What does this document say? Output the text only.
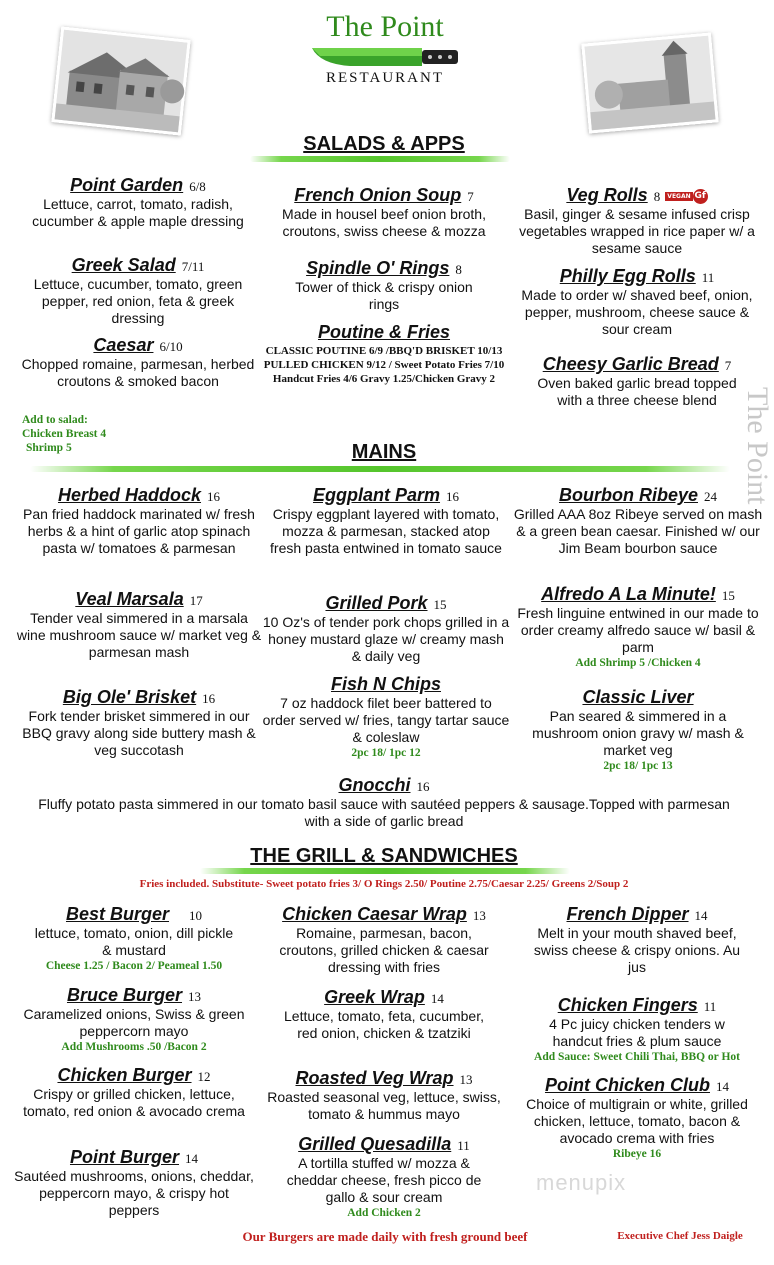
The Point
RESTAURANT
The Point
SALADS & APPS
Point Garden 6/8
Lettuce, carrot, tomato, radish, cucumber & apple maple dressing
Greek Salad 7/11
Lettuce, cucumber, tomato, green pepper, red onion, feta & greek dressing
Caesar 6/10
Chopped romaine, parmesan, herbed croutons & smoked bacon
Add to salad:
Chicken Breast 4
Shrimp 5
French Onion Soup 7
Made in housel beef onion broth, croutons, swiss cheese & mozza
Spindle O' Rings 8
Tower of thick & crispy onion rings
Poutine & Fries
CLASSIC POUTINE 6/9 /BBQ'D BRISKET 10/13 PULLED CHICKEN 9/12 / Sweet Potato Fries 7/10 Handcut Fries 4/6 Gravy 1.25/Chicken Gravy 2
Veg Rolls 8 VEGAN Gf
Basil, ginger & sesame infused crisp vegetables wrapped in rice paper w/ a sesame sauce
Philly Egg Rolls 11
Made to order w/ shaved beef, onion, pepper, mushroom, cheese sauce & sour cream
Cheesy Garlic Bread 7
Oven baked garlic bread topped with a three cheese blend
MAINS
Herbed Haddock 16
Pan fried haddock marinated w/ fresh herbs & a hint of garlic atop spinach pasta w/ tomatoes & parmesan
Veal Marsala 17
Tender veal simmered in a marsala wine mushroom sauce w/ market veg & parmesan mash
Big Ole' Brisket 16
Fork tender brisket simmered in our BBQ gravy along side buttery mash & veg succotash
Eggplant Parm 16
Crispy eggplant layered with tomato, mozza & parmesan, stacked atop fresh pasta entwined in tomato sauce
Grilled Pork 15
10 Oz's of tender pork chops grilled in a honey mustard glaze w/ creamy mash & daily veg
Fish N Chips
7 oz haddock filet beer battered to order served w/ fries, tangy tartar sauce & coleslaw
2pc 18/ 1pc 12
Bourbon Ribeye 24
Grilled AAA 8oz Ribeye served on mash & a green bean caesar. Finished w/ our Jim Beam bourbon sauce
Alfredo A La Minute! 15
Fresh linguine entwined in our made to order creamy alfredo sauce w/ basil & parm
Add Shrimp 5 /Chicken 4
Classic Liver
Pan seared & simmered in a mushroom onion gravy w/ mash & market veg
2pc 18/ 1pc 13
Gnocchi 16
Fluffy potato pasta simmered in our tomato basil sauce with sautéed peppers & sausage.Topped with parmesan with a side of garlic bread
THE GRILL & SANDWICHES
Fries included. Substitute- Sweet potato fries 3/ O Rings 2.50/ Poutine 2.75/Caesar 2.25/ Greens 2/Soup 2
Best Burger 10
lettuce, tomato, onion, dill pickle & mustard
Cheese 1.25 / Bacon 2/ Peameal 1.50
Bruce Burger 13
Caramelized onions, Swiss & green peppercorn mayo
Add Mushrooms .50 /Bacon 2
Chicken Burger 12
Crispy or grilled chicken, lettuce, tomato, red onion & avocado crema
Point Burger 14
Sautéed mushrooms, onions, cheddar, peppercorn mayo, & crispy hot peppers
Chicken Caesar Wrap 13
Romaine, parmesan, bacon, croutons, grilled chicken & caesar dressing with fries
Greek Wrap 14
Lettuce, tomato, feta, cucumber, red onion, chicken & tzatziki
Roasted Veg Wrap 13
Roasted seasonal veg, lettuce, swiss, tomato & hummus mayo
Grilled Quesadilla 11
A tortilla stuffed w/ mozza & cheddar cheese, fresh picco de gallo & sour cream
Add Chicken 2
French Dipper 14
Melt in your mouth shaved beef, swiss cheese & crispy onions. Au jus
Chicken Fingers 11
4 Pc juicy chicken tenders w handcut fries & plum sauce
Add Sauce: Sweet Chili Thai, BBQ or Hot
Point Chicken Club 14
Choice of multigrain or white, grilled chicken, lettuce, tomato, bacon & avocado crema with fries
Ribeye 16
menupix
Our Burgers are made daily with fresh ground beef	Executive Chef Jess Daigle
